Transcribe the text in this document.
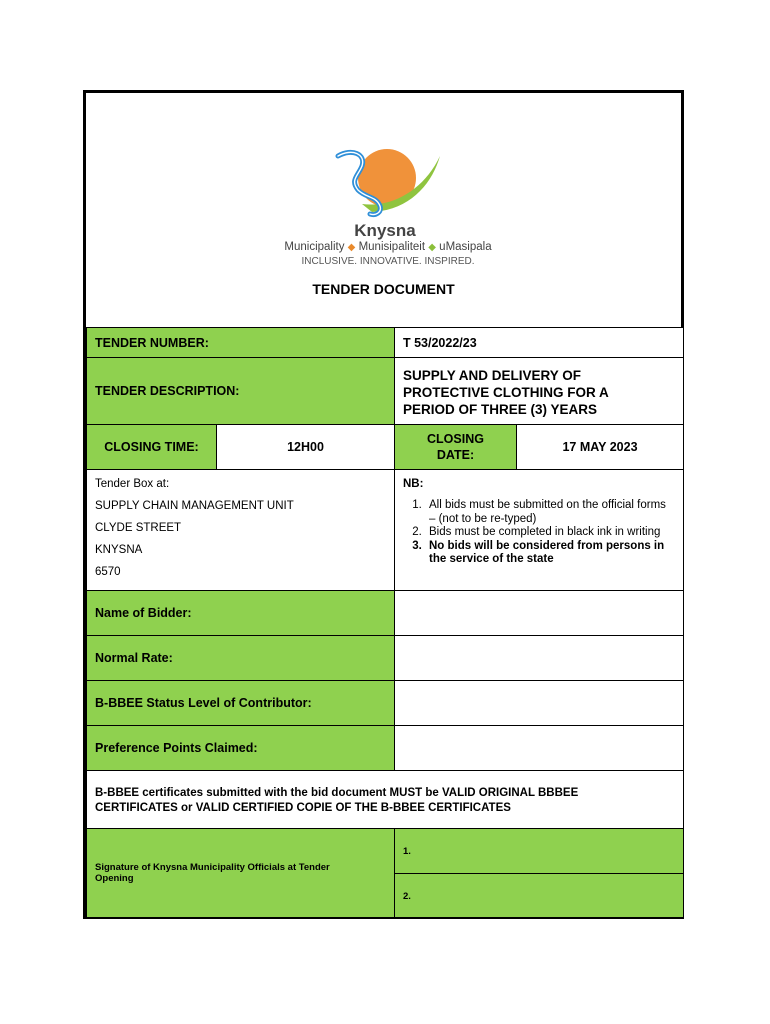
Knysna
Municipality ◆ Munisipaliteit ◆ uMasipala
INCLUSIVE. INNOVATIVE. INSPIRED.
TENDER DOCUMENT
TENDER NUMBER:	T 53/2022/23
TENDER DESCRIPTION:
SUPPLY AND DELIVERY OF PROTECTIVE CLOTHING FOR A PERIOD OF THREE (3) YEARS
CLOSING TIME:	12H00
CLOSING DATE:
17 MAY 2023
Tender Box at:
SUPPLY CHAIN MANAGEMENT UNIT
CLYDE STREET
KNYSNA
6570
NB:
1. All bids must be submitted on the official forms – (not to be re-typed)
2. Bids must be completed in black ink in writing
3. No bids will be considered from persons in the service of the state
Name of Bidder:
Normal Rate:
B-BBEE Status Level of Contributor:
Preference Points Claimed:
B-BBEE certificates submitted with the bid document MUST be VALID ORIGINAL BBBEE CERTIFICATES or VALID CERTIFIED COPIE OF THE B-BBEE CERTIFICATES
Signature of Knysna Municipality Officials at Tender Opening
1.
2.
